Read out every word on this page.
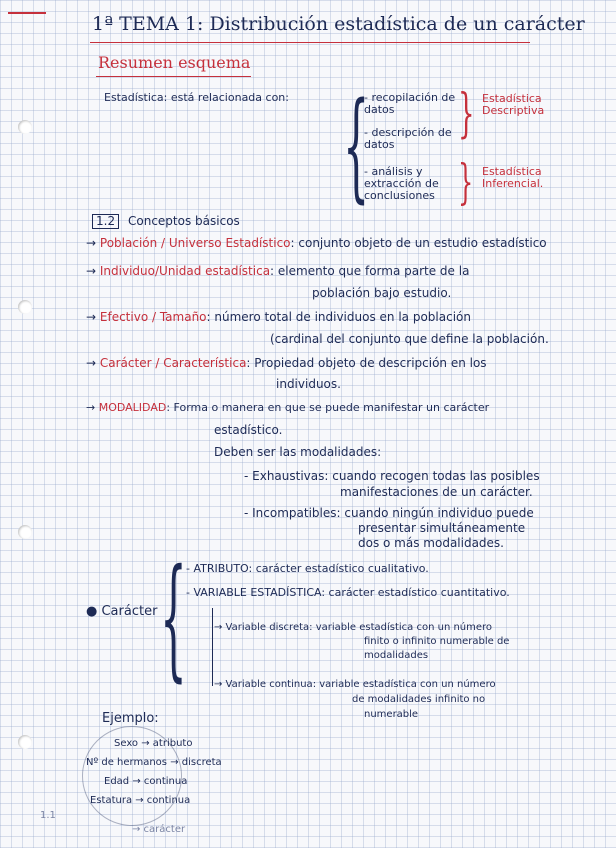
1ª TEMA 1: Distribución estadística de un carácter
Resumen esquema
Estadística: está relacionada con: {
- recopilación de datos
- descripción de datos
- análisis y extracción de conclusiones
} Estadística Descriptiva
} Estadística Inferencial.
1.2	Conceptos básicos
→ Población / Universo Estadístico: conjunto objeto de un estudio estadístico
→ Individuo/Unidad estadística: elemento que forma parte de la
población bajo estudio.
→ Efectivo / Tamaño: número total de individuos en la población
(cardinal del conjunto que define la población.
→ Carácter / Característica: Propiedad objeto de descripción en los
individuos.
→ MODALIDAD: Forma o manera en que se puede manifestar un carácter
estadístico.
Deben ser las modalidades:
- Exhaustivas: cuando recogen todas las posibles
manifestaciones de un carácter.
- Incompatibles: cuando ningún individuo puede
presentar simultáneamente
dos o más modalidades.
● Carácter { - ATRIBUTO: carácter estadístico cualitativo.
- VARIABLE ESTADÍSTICA: carácter estadístico cuantitativo.
→ Variable discreta: variable estadística con un número
finito o infinito numerable de
modalidades
→ Variable continua: variable estadística con un número
de modalidades infinito no
numerable
Ejemplo:
Sexo → atributo
Nº de hermanos → discreta
Edad → continua
Estatura → continua
→ carácter
1.1
